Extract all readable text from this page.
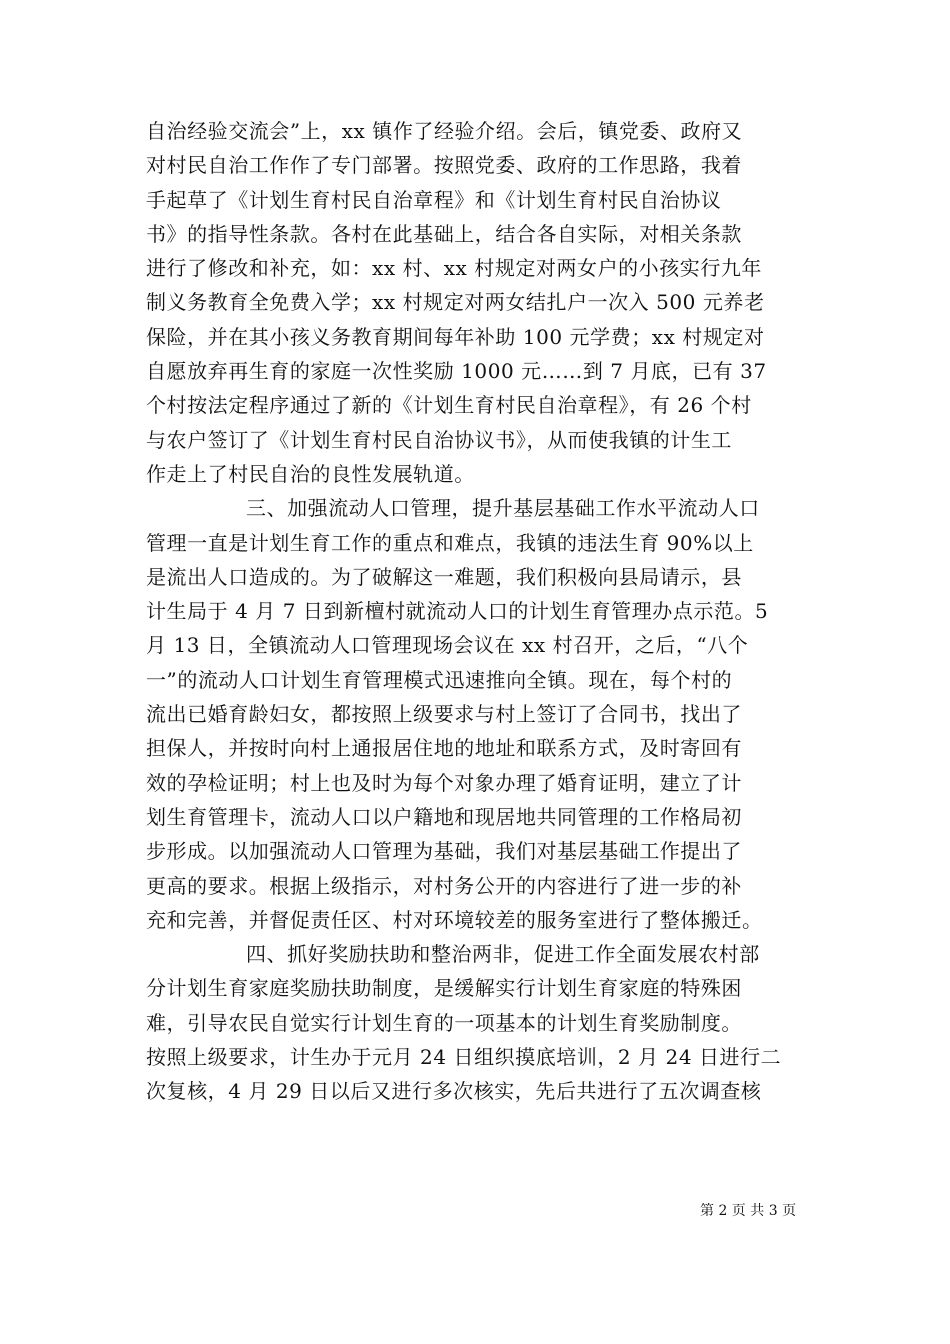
自治经验交流会”上，xx 镇作了经验介绍。会后，镇党委、政府又
对村民自治工作作了专门部署。按照党委、政府的工作思路，我着
手起草了《计划生育村民自治章程》和《计划生育村民自治协议
书》的指导性条款。各村在此基础上，结合各自实际，对相关条款
进行了修改和补充，如：xx 村、xx 村规定对两女户的小孩实行九年
制义务教育全免费入学；xx 村规定对两女结扎户一次入 500 元养老
保险，并在其小孩义务教育期间每年补助 100 元学费；xx 村规定对
自愿放弃再生育的家庭一次性奖励 1000 元……到 7 月底，已有 37
个村按法定程序通过了新的《计划生育村民自治章程》，有 26 个村
与农户签订了《计划生育村民自治协议书》，从而使我镇的计生工
作走上了村民自治的良性发展轨道。
三、加强流动人口管理，提升基层基础工作水平流动人口
管理一直是计划生育工作的重点和难点，我镇的违法生育 90%以上
是流出人口造成的。为了破解这一难题，我们积极向县局请示，县
计生局于 4 月 7 日到新檀村就流动人口的计划生育管理办点示范。5
月 13 日，全镇流动人口管理现场会议在 xx 村召开，之后，“八个
一”的流动人口计划生育管理模式迅速推向全镇。现在，每个村的
流出已婚育龄妇女，都按照上级要求与村上签订了合同书，找出了
担保人，并按时向村上通报居住地的地址和联系方式，及时寄回有
效的孕检证明；村上也及时为每个对象办理了婚育证明，建立了计
划生育管理卡，流动人口以户籍地和现居地共同管理的工作格局初
步形成。以加强流动人口管理为基础，我们对基层基础工作提出了
更高的要求。根据上级指示，对村务公开的内容进行了进一步的补
充和完善，并督促责任区、村对环境较差的服务室进行了整体搬迁。
四、抓好奖励扶助和整治两非，促进工作全面发展农村部
分计划生育家庭奖励扶助制度，是缓解实行计划生育家庭的特殊困
难，引导农民自觉实行计划生育的一项基本的计划生育奖励制度。
按照上级要求，计生办于元月 24 日组织摸底培训，2 月 24 日进行二
次复核，4 月 29 日以后又进行多次核实，先后共进行了五次调查核
第 2 页 共 3 页
